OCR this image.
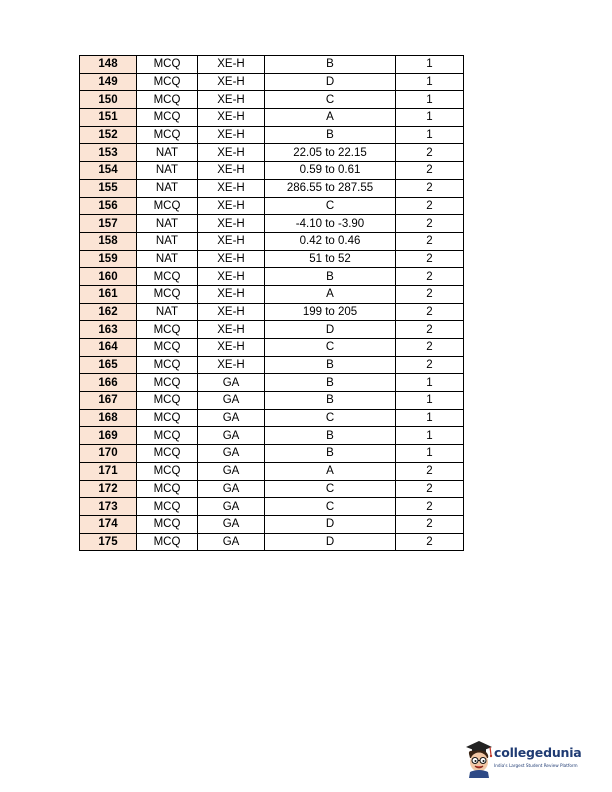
148	MCQ	XE-H	B	1
149	MCQ	XE-H	D	1
150	MCQ	XE-H	C	1
151	MCQ	XE-H	A	1
152	MCQ	XE-H	B	1
153	NAT	XE-H	22.05 to 22.15	2
154	NAT	XE-H	0.59 to 0.61	2
155	NAT	XE-H	286.55 to 287.55	2
156	MCQ	XE-H	C	2
157	NAT	XE-H	-4.10 to -3.90	2
158	NAT	XE-H	0.42 to 0.46	2
159	NAT	XE-H	51 to 52	2
160	MCQ	XE-H	B	2
161	MCQ	XE-H	A	2
162	NAT	XE-H	199 to 205	2
163	MCQ	XE-H	D	2
164	MCQ	XE-H	C	2
165	MCQ	XE-H	B	2
166	MCQ	GA	B	1
167	MCQ	GA	B	1
168	MCQ	GA	C	1
169	MCQ	GA	B	1
170	MCQ	GA	B	1
171	MCQ	GA	A	2
172	MCQ	GA	C	2
173	MCQ	GA	C	2
174	MCQ	GA	D	2
175	MCQ	GA	D	2
collegedunia
India's Largest Student Review Platform
